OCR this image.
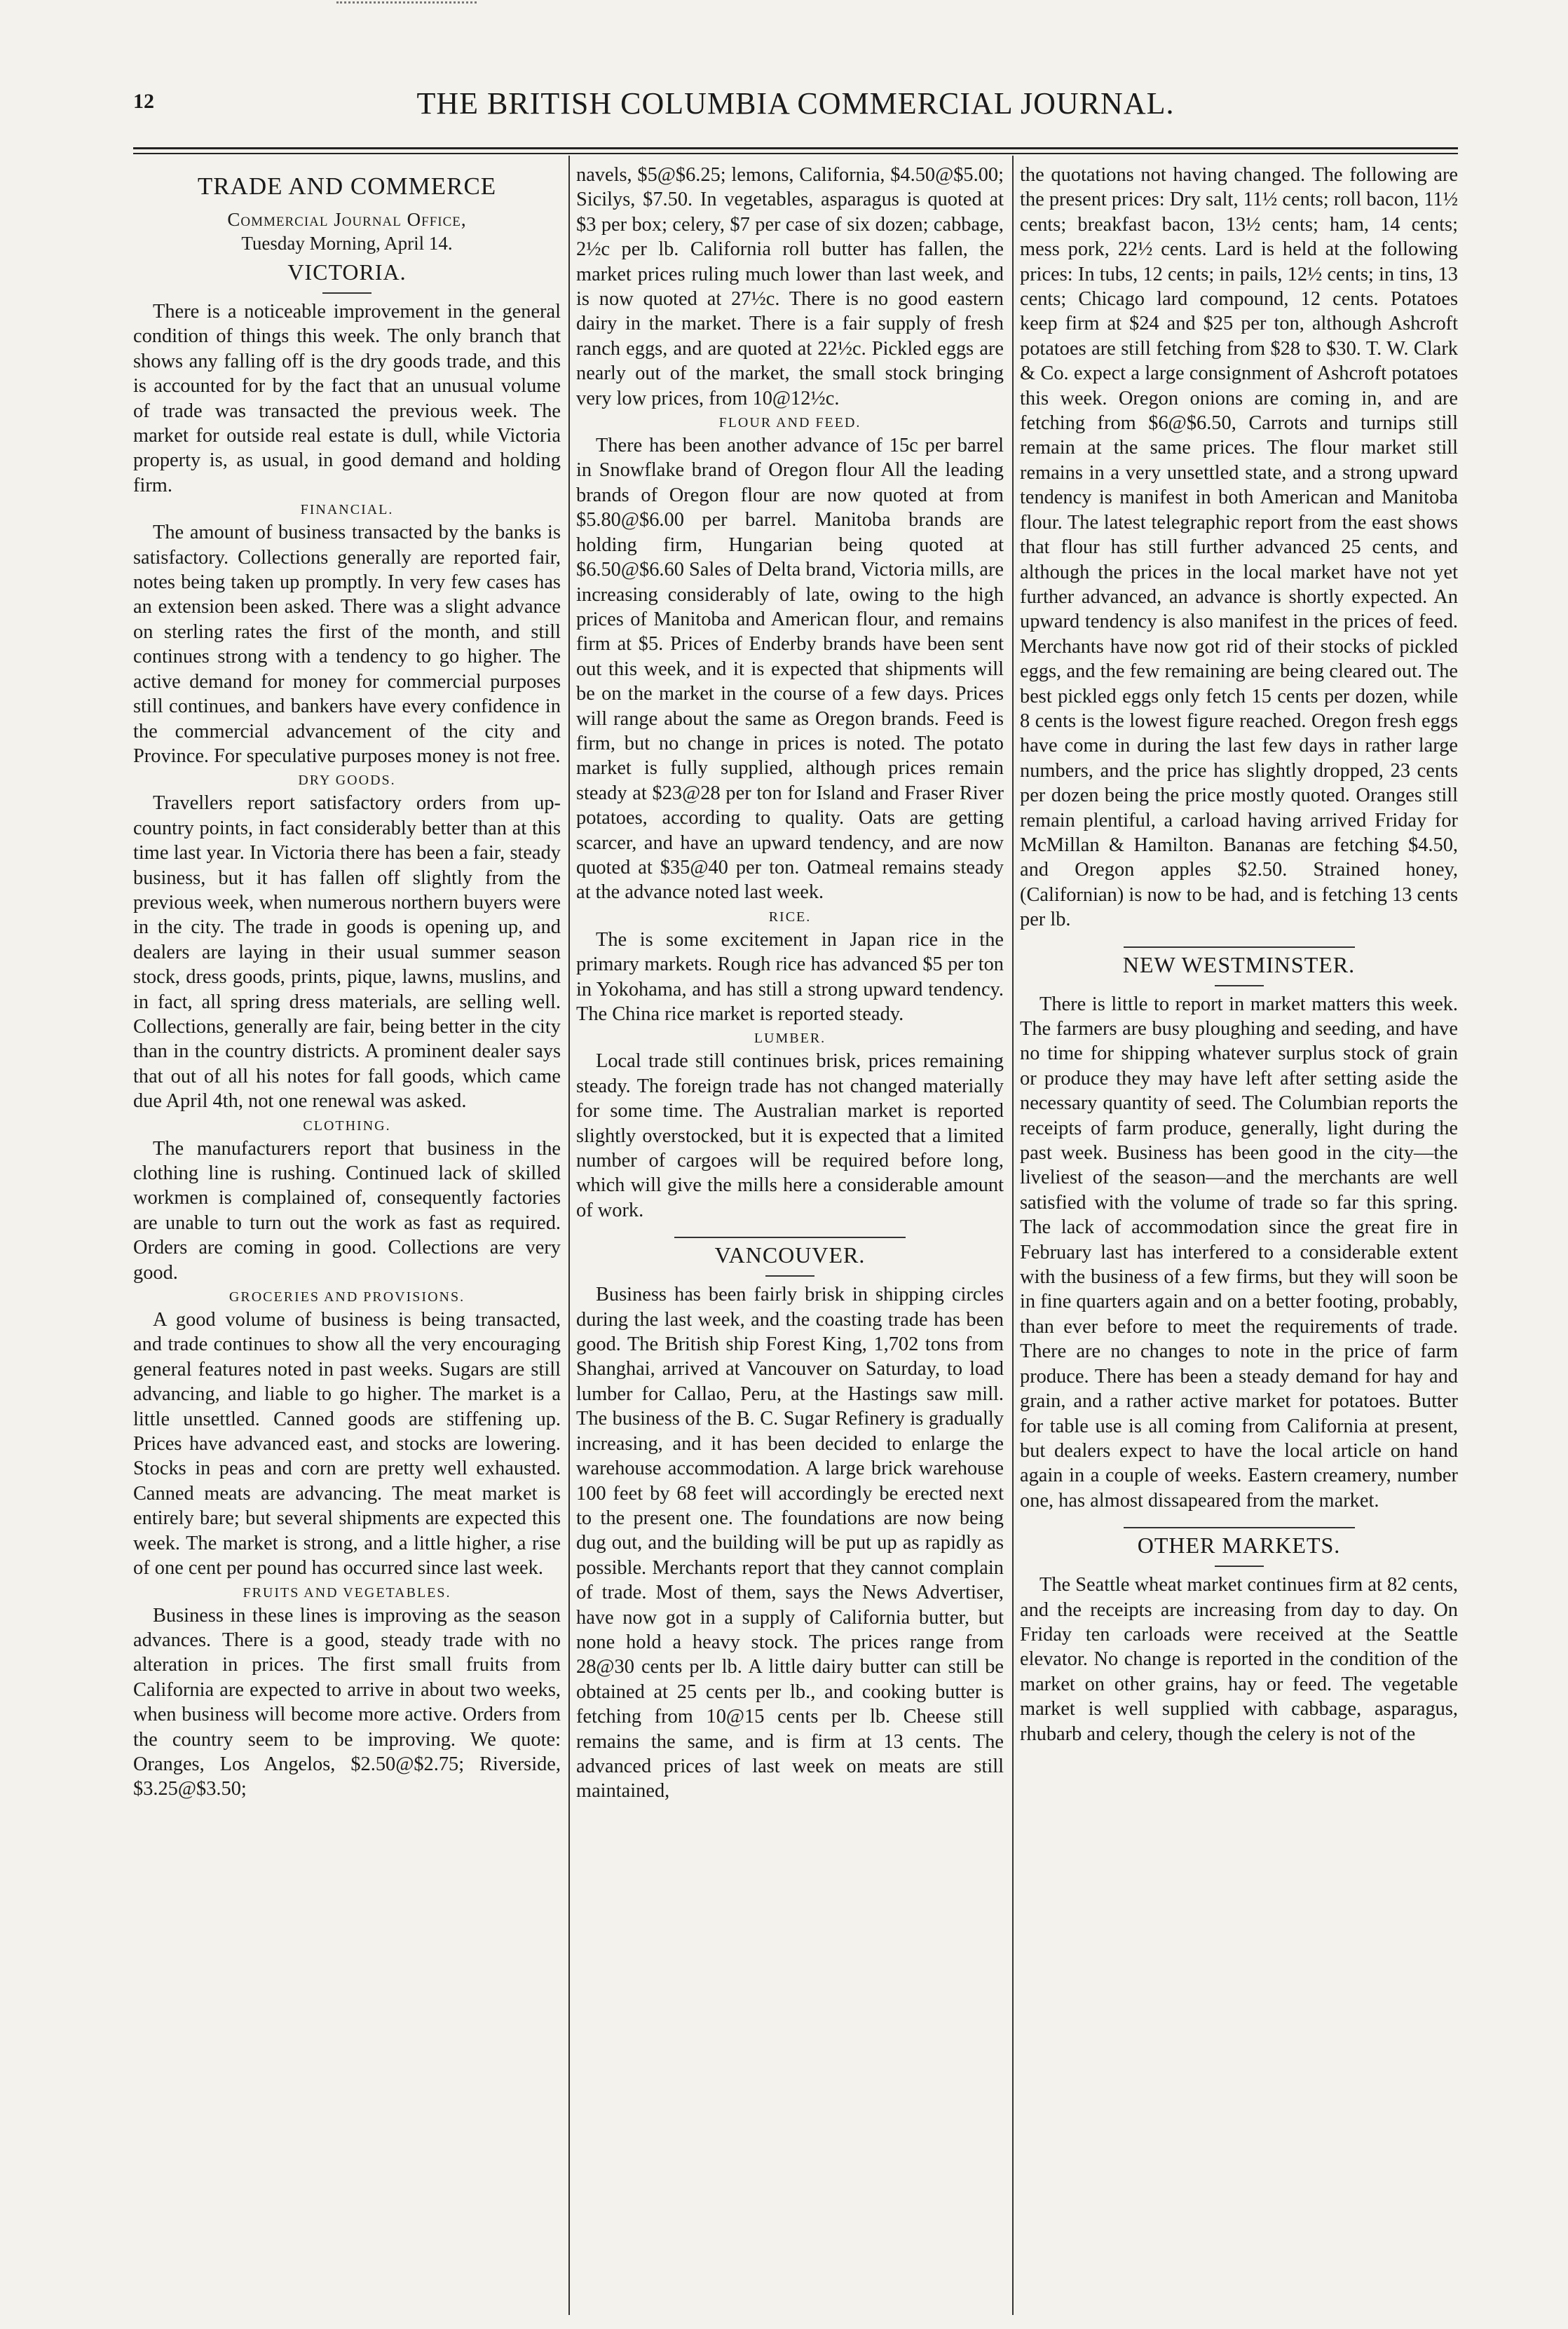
12	THE BRITISH COLUMBIA COMMERCIAL JOURNAL.
TRADE AND COMMERCE
Commercial Journal Office,
Tuesday Morning, April 14.
VICTORIA.

There is a noticeable improvement in the general condition of things this week. The only branch that shows any falling off is the dry goods trade, and this is accounted for by the fact that an unusual volume of trade was transacted the previous week. The market for outside real estate is dull, while Victoria property is, as usual, in good demand and holding firm.

FINANCIAL.

The amount of business transacted by the banks is satisfactory. Collections generally are reported fair, notes being taken up promptly. In very few cases has an extension been asked. There was a slight advance on sterling rates the first of the month, and still continues strong with a tendency to go higher. The active demand for money for commercial purposes still continues, and bankers have every confidence in the commercial advancement of the city and Province. For speculative purposes money is not free.

DRY GOODS.

Travellers report satisfactory orders from up-country points, in fact considerably better than at this time last year. In Victoria there has been a fair, steady business, but it has fallen off slightly from the previous week, when numerous northern buyers were in the city. The trade in goods is opening up, and dealers are laying in their usual summer season stock, dress goods, prints, pique, lawns, muslins, and in fact, all spring dress materials, are selling well. Collections, generally are fair, being better in the city than in the country districts. A prominent dealer says that out of all his notes for fall goods, which came due April 4th, not one renewal was asked.

CLOTHING.

The manufacturers report that business in the clothing line is rushing. Continued lack of skilled workmen is complained of, consequently factories are unable to turn out the work as fast as required. Orders are coming in good. Collections are very good.

GROCERIES AND PROVISIONS.

A good volume of business is being transacted, and trade continues to show all the very encouraging general features noted in past weeks. Sugars are still advancing, and liable to go higher. The market is a little unsettled. Canned goods are stiffening up. Prices have advanced east, and stocks are lowering. Stocks in peas and corn are pretty well exhausted. Canned meats are advancing. The meat market is entirely bare; but several shipments are expected this week. The market is strong, and a little higher, a rise of one cent per pound has occurred since last week.

FRUITS AND VEGETABLES.

Business in these lines is improving as the season advances. There is a good, steady trade with no alteration in prices. The first small fruits from California are expected to arrive in about two weeks, when business will become more active. Orders from the country seem to be improving. We quote: Oranges, Los Angelos, $2.50@$2.75; Riverside, $3.25@$3.50;

navels, $5@$6.25; lemons, California, $4.50@$5.00; Sicilys, $7.50. In vegetables, asparagus is quoted at $3 per box; celery, $7 per case of six dozen; cabbage, 2½c per lb. California roll butter has fallen, the market prices ruling much lower than last week, and is now quoted at 27½c. There is no good eastern dairy in the market. There is a fair supply of fresh ranch eggs, and are quoted at 22½c. Pickled eggs are nearly out of the market, the small stock bringing very low prices, from 10@12½c.

FLOUR AND FEED.

There has been another advance of 15c per barrel in Snowflake brand of Oregon flour All the leading brands of Oregon flour are now quoted at from $5.80@$6.00 per barrel. Manitoba brands are holding firm, Hungarian being quoted at $6.50@$6.60 Sales of Delta brand, Victoria mills, are increasing considerably of late, owing to the high prices of Manitoba and American flour, and remains firm at $5. Prices of Enderby brands have been sent out this week, and it is expected that shipments will be on the market in the course of a few days. Prices will range about the same as Oregon brands. Feed is firm, but no change in prices is noted. The potato market is fully supplied, although prices remain steady at $23@28 per ton for Island and Fraser River potatoes, according to quality. Oats are getting scarcer, and have an upward tendency, and are now quoted at $35@40 per ton. Oatmeal remains steady at the advance noted last week.

RICE.

The is some excitement in Japan rice in the primary markets. Rough rice has advanced $5 per ton in Yokohama, and has still a strong upward tendency. The China rice market is reported steady.

LUMBER.

Local trade still continues brisk, prices remaining steady. The foreign trade has not changed materially for some time. The Australian market is reported slightly overstocked, but it is expected that a limited number of cargoes will be required before long, which will give the mills here a considerable amount of work.

VANCOUVER.

Business has been fairly brisk in shipping circles during the last week, and the coasting trade has been good. The British ship Forest King, 1,702 tons from Shanghai, arrived at Vancouver on Saturday, to load lumber for Callao, Peru, at the Hastings saw mill. The business of the B. C. Sugar Refinery is gradually increasing, and it has been decided to enlarge the warehouse accommodation. A large brick warehouse 100 feet by 68 feet will accordingly be erected next to the present one. The foundations are now being dug out, and the building will be put up as rapidly as possible. Merchants report that they cannot complain of trade. Most of them, says the News Advertiser, have now got in a supply of California butter, but none hold a heavy stock. The prices range from 28@30 cents per lb. A little dairy butter can still be obtained at 25 cents per lb., and cooking butter is fetching from 10@15 cents per lb. Cheese still remains the same, and is firm at 13 cents. The advanced prices of last week on meats are still maintained,

the quotations not having changed. The following are the present prices: Dry salt, 11½ cents; roll bacon, 11½ cents; breakfast bacon, 13½ cents; ham, 14 cents; mess pork, 22½ cents. Lard is held at the following prices: In tubs, 12 cents; in pails, 12½ cents; in tins, 13 cents; Chicago lard compound, 12 cents. Potatoes keep firm at $24 and $25 per ton, although Ashcroft potatoes are still fetching from $28 to $30. T. W. Clark & Co. expect a large consignment of Ashcroft potatoes this week. Oregon onions are coming in, and are fetching from $6@$6.50, Carrots and turnips still remain at the same prices. The flour market still remains in a very unsettled state, and a strong upward tendency is manifest in both American and Manitoba flour. The latest telegraphic report from the east shows that flour has still further advanced 25 cents, and although the prices in the local market have not yet further advanced, an advance is shortly expected. An upward tendency is also manifest in the prices of feed. Merchants have now got rid of their stocks of pickled eggs, and the few remaining are being cleared out. The best pickled eggs only fetch 15 cents per dozen, while 8 cents is the lowest figure reached. Oregon fresh eggs have come in during the last few days in rather large numbers, and the price has slightly dropped, 23 cents per dozen being the price mostly quoted. Oranges still remain plentiful, a carload having arrived Friday for McMillan & Hamilton. Bananas are fetching $4.50, and Oregon apples $2.50. Strained honey, (Californian) is now to be had, and is fetching 13 cents per lb.

NEW WESTMINSTER.

There is little to report in market matters this week. The farmers are busy ploughing and seeding, and have no time for shipping whatever surplus stock of grain or produce they may have left after setting aside the necessary quantity of seed. The Columbian reports the receipts of farm produce, generally, light during the past week. Business has been good in the city—the liveliest of the season—and the merchants are well satisfied with the volume of trade so far this spring. The lack of accommodation since the great fire in February last has interfered to a considerable extent with the business of a few firms, but they will soon be in fine quarters again and on a better footing, probably, than ever before to meet the requirements of trade. There are no changes to note in the price of farm produce. There has been a steady demand for hay and grain, and a rather active market for potatoes. Butter for table use is all coming from California at present, but dealers expect to have the local article on hand again in a couple of weeks. Eastern creamery, number one, has almost dissapeared from the market.

OTHER MARKETS.

The Seattle wheat market continues firm at 82 cents, and the receipts are increasing from day to day. On Friday ten carloads were received at the Seattle elevator. No change is reported in the condition of the market on other grains, hay or feed. The vegetable market is well supplied with cabbage, asparagus, rhubarb and celery, though the celery is not of the
